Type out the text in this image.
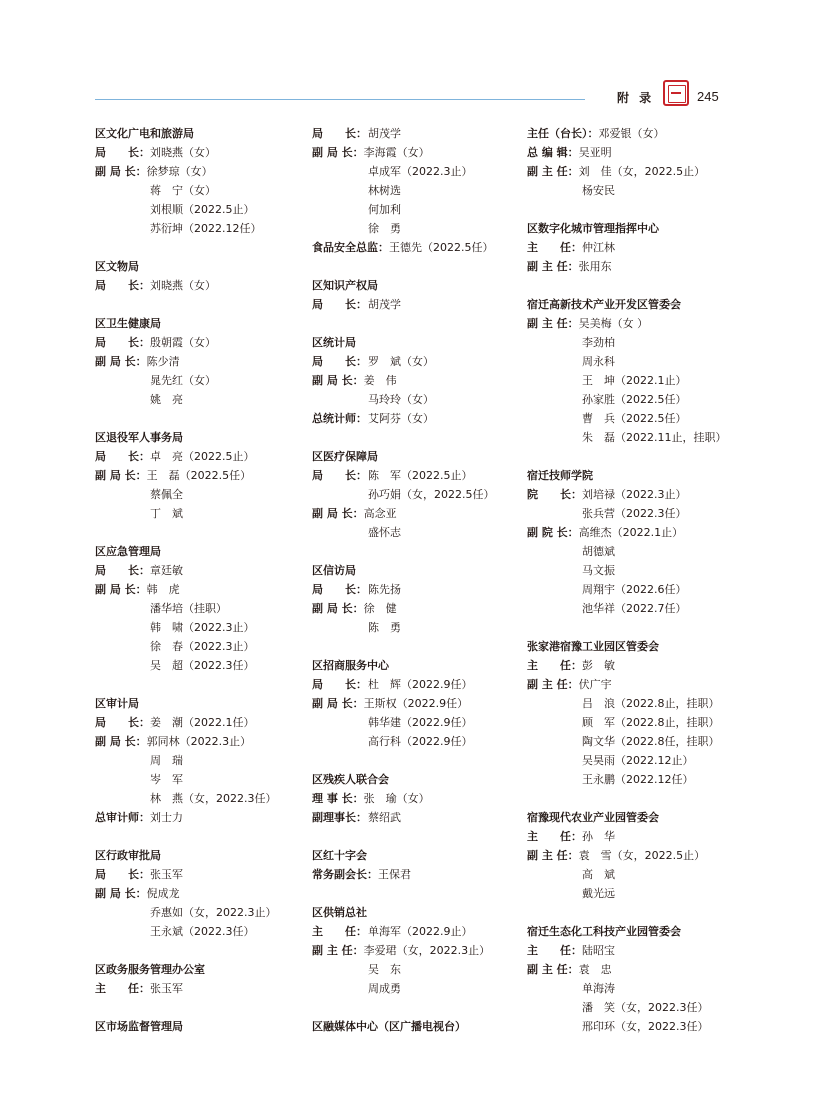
附 录	245
区文化广电和旅游局
局　　长： 刘晓燕（女）
副 局 长： 徐梦琼（女）
蒋　宁（女）
刘根顺（2022.5止）
苏衍坤（2022.12任）
区文物局
局　　长： 刘晓燕（女）
区卫生健康局
局　　长： 殷朝霞（女）
副 局 长： 陈少清
晁先红（女）
姚　亮
区退役军人事务局
局　　长： 卓　亮（2022.5止）
副 局 长： 王　磊（2022.5任）
蔡佩全
丁　斌
区应急管理局
局　　长： 章廷敏
副 局 长： 韩　虎
潘华培（挂职）
韩　啸（2022.3止）
徐　春（2022.3止）
吴　超（2022.3任）
区审计局
局　　长： 姜　潮（2022.1任）
副 局 长： 郭同林（2022.3止）
周　瑞
岑　军
林　燕（女，2022.3任）
总审计师： 刘士力
区行政审批局
局　　长： 张玉军
副 局 长： 倪成龙
乔惠如（女，2022.3止）
王永斌（2022.3任）
区政务服务管理办公室
主　　任： 张玉军
区市场监督管理局
局　　长： 胡茂学
副 局 长： 李海霞（女）
卓成军（2022.3止）
林树选
何加利
徐　勇
食品安全总监： 王德先（2022.5任）
区知识产权局
局　　长： 胡茂学
区统计局
局　　长： 罗　斌（女）
副 局 长： 姜　伟
马玲玲（女）
总统计师： 艾阿芬（女）
区医疗保障局
局　　长： 陈　军（2022.5止）
孙巧娟（女，2022.5任）
副 局 长： 高念亚
盛怀志
区信访局
局　　长： 陈先扬
副 局 长： 徐　健
陈　勇
区招商服务中心
局　　长： 杜　辉（2022.9任）
副 局 长： 王斯权（2022.9任）
韩华建（2022.9任）
高行科（2022.9任）
区残疾人联合会
理 事 长： 张　瑜（女）
副理事长： 蔡绍武
区红十字会
常务副会长： 王保君
区供销总社
主　　任： 单海军（2022.9止）
副 主 任： 李爱珺（女，2022.3止）
吴　东
周成勇
区融媒体中心（区广播电视台）
主任（台长）： 邓爱银（女）
总 编 辑： 吴亚明
副 主 任： 刘　佳（女，2022.5止）
杨安民
区数字化城市管理指挥中心
主　　任： 仲江林
副 主 任： 张用东
宿迁高新技术产业开发区管委会
副 主 任： 吴美梅（女 ）
李劲柏
周永科
王　坤（2022.1止）
孙家胜（2022.5任）
曹　兵（2022.5任）
朱　磊（2022.11止，挂职）
宿迁技师学院
院　　长： 刘培禄（2022.3止）
张兵营（2022.3任）
副 院 长： 高维杰（2022.1止）
胡德斌
马文振
周翔宇（2022.6任）
池华祥（2022.7任）
张家港宿豫工业园区管委会
主　　任： 彭　敏
副 主 任： 伏广宇
吕　浪（2022.8止，挂职）
顾　军（2022.8止，挂职）
陶文华（2022.8任，挂职）
吴昊雨（2022.12止）
王永鹏（2022.12任）
宿豫现代农业产业园管委会
主　　任： 孙　华
副 主 任： 袁　雪（女，2022.5止）
高　斌
戴光远
宿迁生态化工科技产业园管委会
主　　任： 陆昭宝
副 主 任： 袁　忠
单海涛
潘　笑（女，2022.3任）
邢印环（女，2022.3任）
